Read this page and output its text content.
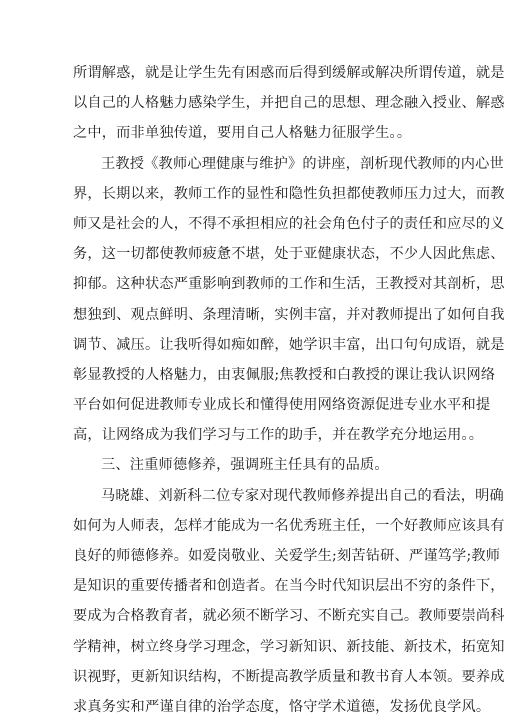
所谓解惑，就是让学生先有困惑而后得到缓解或解决所谓传道，就是
以自己的人格魅力感染学生，并把自己的思想、理念融入授业、解惑
之中，而非单独传道，要用自己人格魅力征服学生。。
王教授《教师心理健康与维护》的讲座，剖析现代教师的内心世
界，长期以来，教师工作的显性和隐性负担都使教师压力过大，而教
师又是社会的人，不得不承担相应的社会角色付子的责任和应尽的义
务，这一切都使教师疲惫不堪，处于亚健康状态，不少人因此焦虑、
抑郁。这种状态严重影响到教师的工作和生活，王教授对其剖析，思
想独到、观点鲜明、条理清晰，实例丰富，并对教师提出了如何自我
调节、减压。让我听得如痴如醉，她学识丰富，出口句句成语，就是
彰显教授的人格魅力，由衷佩服;焦教授和白教授的课让我认识网络
平台如何促进教师专业成长和懂得使用网络资源促进专业水平和提
高，让网络成为我们学习与工作的助手，并在教学充分地运用。。
三、注重师德修养，强调班主任具有的品质。
马晓雄、刘新科二位专家对现代教师修养提出自己的看法，明确
如何为人师表，怎样才能成为一名优秀班主任，一个好教师应该具有
良好的师德修养。如爱岗敬业、关爱学生;刻苦钻研、严谨笃学;教师
是知识的重要传播者和创造者。在当今时代知识层出不穷的条件下，
要成为合格教育者，就必须不断学习、不断充实自己。教师要崇尚科
学精神，树立终身学习理念，学习新知识、新技能、新技术，拓宽知
识视野，更新知识结构，不断提高教学质量和教书育人本领。要养成
求真务实和严谨自律的治学态度，恪守学术道德，发扬优良学风。
